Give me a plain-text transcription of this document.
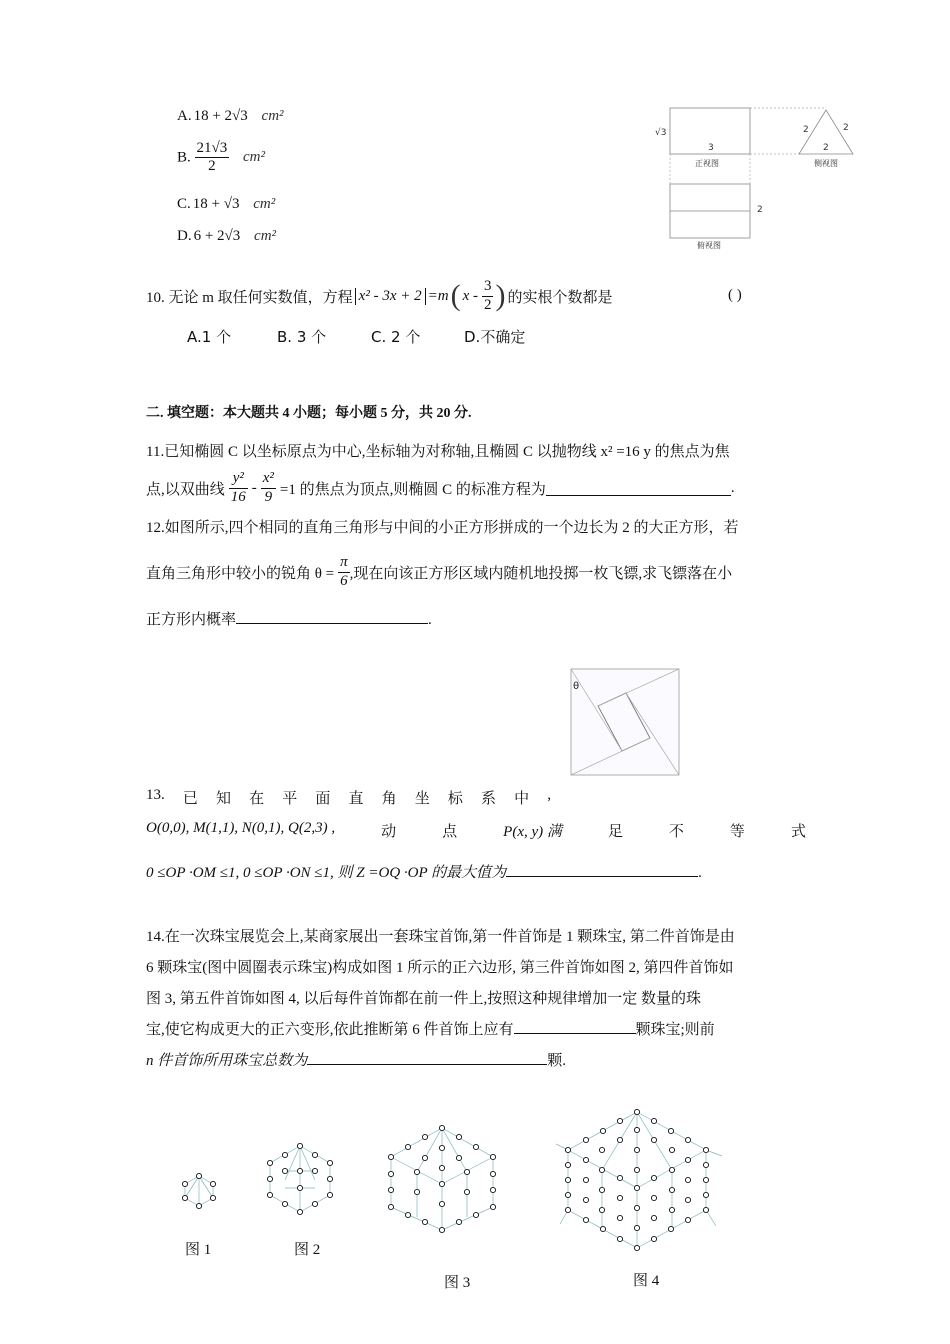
A. 18 + 2√3 cm²
B. $\frac{21√3}{2} cm^2$
C. 18 + √3 cm²
D. 6 + 2√3 cm²
√3
3
正视图
2	2
2
侧视图
2
俯视图
10. 无论 m 取任何实数值，方程 x² - 3x + 2 =m ( x - $\frac{3}{2}$ ) 的实根个数都是	( )
A.1 个	B. 3 个	C. 2 个	D.不确定
二. 填空题：本大题共 4 小题；每小题 5 分，共 20 分.
11.已知椭圆 C 以坐标原点为中心,坐标轴为对称轴,且椭圆 C 以抛物线 x² =16 y 的焦点为焦
点,以双曲线 $\frac{\text{y²}}{16} - \frac{\text{x²}}{9} =1$ 的焦点为顶点,则椭圆 C 的标准方程为	.
12.如图所示,四个相同的直角三角形与中间的小正方形拼成的一个边长为 2 的大正方形，若
直角三角形中较小的锐角 $\theta = \frac{\pi}{6}$ ,现在向该正方形区域内随机地投掷一枚飞镖,求飞镖落在小
正方形内概率	.
θ
13. 已 知 在 平 面 直 角 坐 标 系 中 ,
O(0,0), M(1,1), N(0,1), Q(2,3) ,	动	点	P(x, y) 满	足	不	等	式
0 ≤OP ·OM ≤1, 0 ≤OP ·ON ≤1, 则 Z =OQ ·OP 的最大值为	.
14.在一次珠宝展览会上,某商家展出一套珠宝首饰,第一件首饰是 1 颗珠宝, 第二件首饰是由
6 颗珠宝(图中圆圈表示珠宝)构成如图 1 所示的正六边形, 第三件首饰如图 2, 第四件首饰如
图 3, 第五件首饰如图 4, 以后每件首饰都在前一件上,按照这种规律增加一定 数量的珠
宝,使它构成更大的正六变形,依此推断第 6 件首饰上应有	颗珠宝;则前
n 件首饰所用珠宝总数为	颗.
图 1	图 2
图 3	图 4
